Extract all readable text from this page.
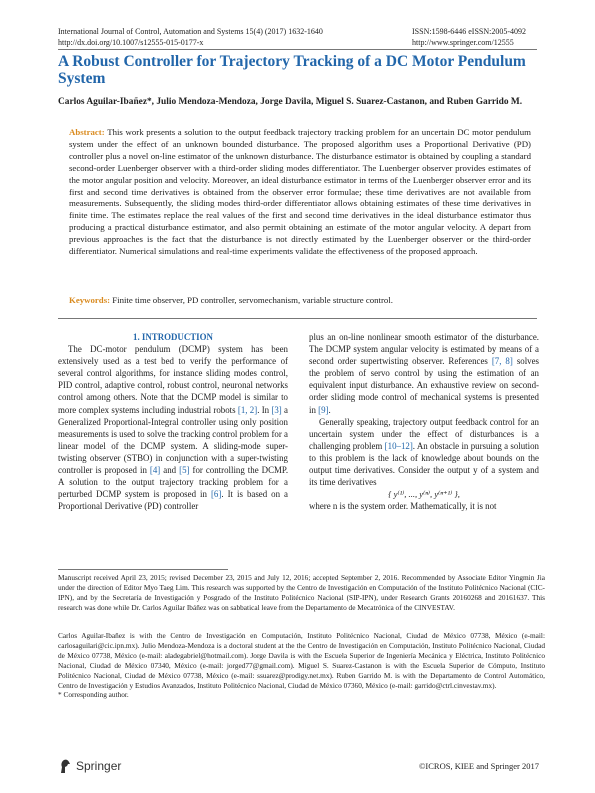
International Journal of Control, Automation and Systems 15(4) (2017) 1632-1640
http://dx.doi.org/10.1007/s12555-015-0177-x
ISSN:1598-6446 eISSN:2005-4092
http://www.springer.com/12555
A Robust Controller for Trajectory Tracking of a DC Motor Pendulum System
Carlos Aguilar-Ibañez*, Julio Mendoza-Mendoza, Jorge Davila, Miguel S. Suarez-Castanon, and Ruben Garrido M.
Abstract: This work presents a solution to the output feedback trajectory tracking problem for an uncertain DC motor pendulum system under the effect of an unknown bounded disturbance. The proposed algorithm uses a Proportional Derivative (PD) controller plus a novel on-line estimator of the unknown disturbance. The disturbance estimator is obtained by coupling a standard second-order Luenberger observer with a third-order sliding modes differentiator. The Luenberger observer provides estimates of the motor angular position and velocity. Moreover, an ideal disturbance estimator in terms of the Luenberger observer error and its first and second time derivatives is obtained from the observer error formulae; these time derivatives are not available from measurements. Subsequently, the sliding modes third-order differentiator allows obtaining estimates of these time derivatives in finite time. The estimates replace the real values of the first and second time derivatives in the ideal disturbance estimator thus producing a practical disturbance estimator, and also permit obtaining an estimate of the motor angular velocity. A depart from previous approaches is the fact that the disturbance is not directly estimated by the Luenberger observer or the third-order differentiator. Numerical simulations and real-time experiments validate the effectiveness of the proposed approach.
Keywords: Finite time observer, PD controller, servomechanism, variable structure control.

1. INTRODUCTION

The DC-motor pendulum (DCMP) system has been extensively used as a test bed to verify the performance of several control algorithms, for instance sliding modes control, PID control, adaptive control, robust control, neuronal networks control among others. Note that the DCMP model is similar to more complex systems including industrial robots [1, 2]. In [3] a Generalized Proportional-Integral controller using only position measurements is used to solve the tracking control problem for a linear model of the DCMP system. A sliding-mode super-twisting observer (STBO) in conjunction with a super-twisting controller is proposed in [4] and [5] for controlling the DCMP. A solution to the output trajectory tracking problem for a perturbed DCMP system is proposed in [6]. It is based on a Proportional Derivative (PD) controller

plus an on-line nonlinear smooth estimator of the disturbance. The DCMP system angular velocity is estimated by means of a second order supertwisting observer. References [7, 8] solves the problem of servo control by using the estimation of an equivalent input disturbance. An exhaustive review on second-order sliding mode control of mechanical systems is presented in [9].

Generally speaking, trajectory output feedback control for an uncertain system under the effect of disturbances is a challenging problem [10–12]. An obstacle in pursuing a solution to this problem is the lack of knowledge about bounds on the output time derivatives. Consider the output y of a system and its time derivatives

{ y⁽¹⁾, ..., y⁽ⁿ⁾, y⁽ⁿ⁺¹⁾ },

where n is the system order. Mathematically, it is not

Manuscript received April 23, 2015; revised December 23, 2015 and July 12, 2016; accepted September 2, 2016. Recommended by Associate Editor Yingmin Jia under the direction of Editor Myo Taeg Lim. This research was supported by the Centro de Investigación en Computación of the Instituto Politécnico Nacional (CIC-IPN), and by the Secretaría de Investigación y Posgrado of the Instituto Politécnico Nacional (SIP-IPN), under Research Grants 20160268 and 20161637. This research was done while Dr. Carlos Aguilar Ibáñez was on sabbatical leave from the Departamento de Mecatrónica of the CINVESTAV.
Carlos Aguilar-Ibañez is with the Centro de Investigación en Computación, Instituto Politécnico Nacional, Ciudad de México 07738, México (e-mail: carlosaguilari@cic.ipn.mx). Julio Mendoza-Mendoza is a doctoral student at the the Centro de Investigación en Computación, Instituto Politécnico Nacional, Ciudad de México 07738, México (e-mail: aladegabriel@hotmail.com). Jorge Davila is with the Escuela Superior de Ingeniería Mecánica y Eléctrica, Instituto Politécnico Nacional, Ciudad de México 07340, México (e-mail: jorged77@gmail.com). Miguel S. Suarez-Castanon is with the Escuela Superior de Cómputo, Instituto Politécnico Nacional, Ciudad de México 07738, México (e-mail: ssuarez@prodigy.net.mx). Ruben Garrido M. is with the Departamento de Control Automático, Centro de Investigación y Estudios Avanzados, Instituto Politécnico Nacional, Ciudad de México 07360, México (e-mail: garrido@ctrl.cinvestav.mx).
* Corresponding author.
Springer	©ICROS, KIEE and Springer 2017
